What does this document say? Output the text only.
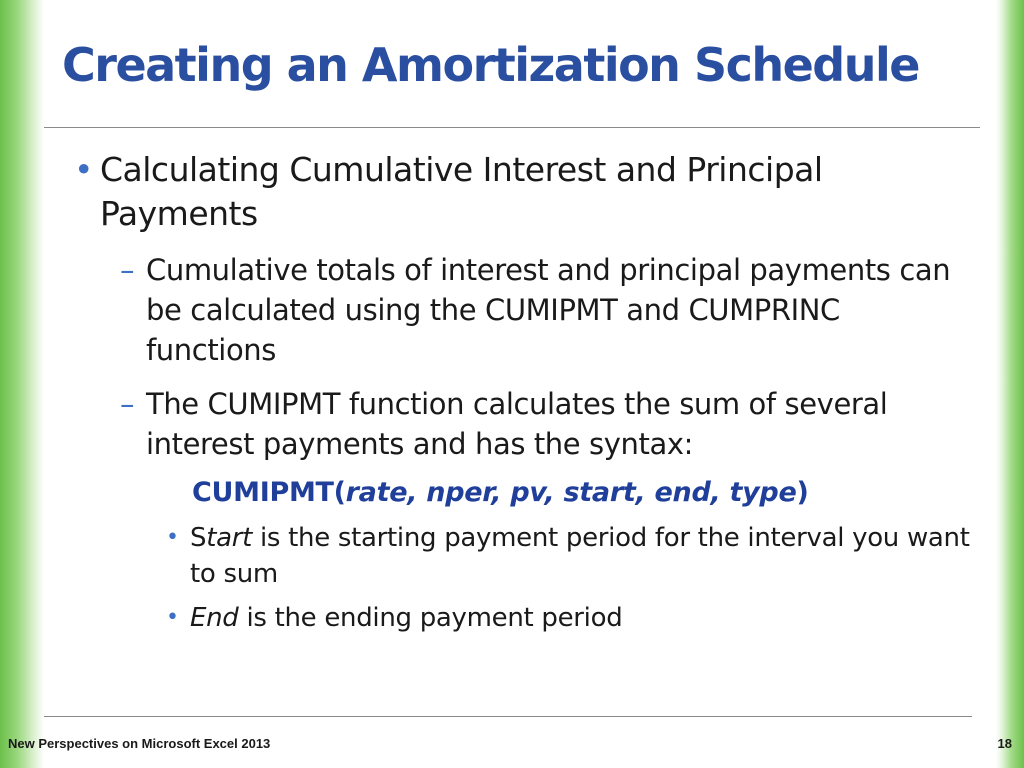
Creating an Amortization Schedule
• Calculating Cumulative Interest and Principal Payments
– Cumulative totals of interest and principal payments can be calculated using the CUMIPMT and CUMPRINC functions
– The CUMIPMT function calculates the sum of several interest payments and has the syntax:
CUMIPMT(rate, nper, pv, start, end, type)
• Start is the starting payment period for the interval you want to sum
• End is the ending payment period
New Perspectives on Microsoft Excel 2013	18
